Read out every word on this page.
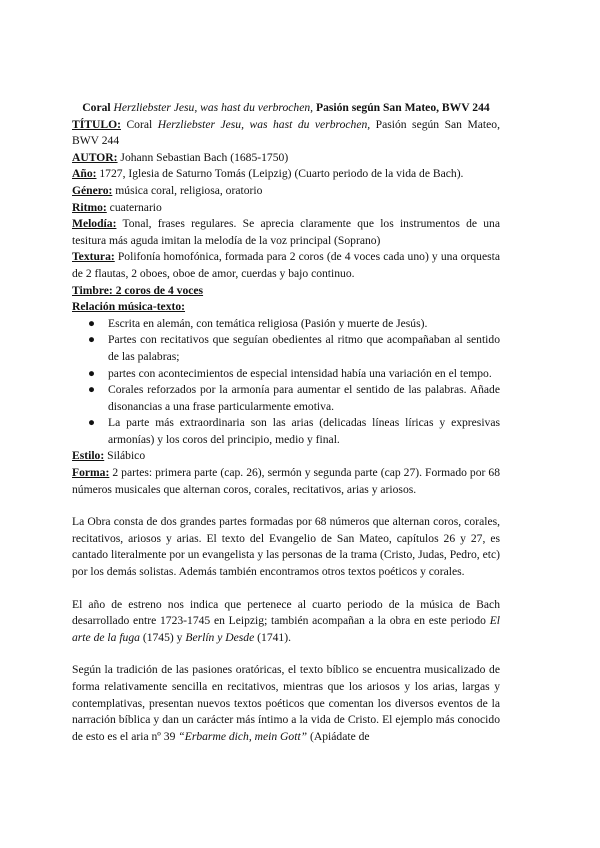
Coral Herzliebster Jesu, was hast du verbrochen, Pasión según San Mateo, BWV 244

TÍTULO: Coral Herzliebster Jesu, was hast du verbrochen, Pasión según San Mateo, BWV 244

AUTOR: Johann Sebastian Bach (1685-1750)

Año: 1727, Iglesia de Saturno Tomás (Leipzig) (Cuarto periodo de la vida de Bach).

Género: música coral, religiosa, oratorio

Ritmo: cuaternario

Melodía: Tonal, frases regulares. Se aprecia claramente que los instrumentos de una tesitura más aguda imitan la melodía de la voz principal (Soprano)

Textura: Polifonía homofónica, formada para 2 coros (de 4 voces cada uno) y una orquesta de 2 flautas, 2 oboes, oboe de amor, cuerdas y bajo continuo.

Timbre: 2 coros de 4 voces

Relación música-texto:

● Escrita en alemán, con temática religiosa (Pasión y muerte de Jesús).
● Partes con recitativos que seguían obedientes al ritmo que acompañaban al sentido de las palabras;
● partes con acontecimientos de especial intensidad había una variación en el tempo.
● Corales reforzados por la armonía para aumentar el sentido de las palabras. Añade disonancias a una frase particularmente emotiva.
● La parte más extraordinaria son las arias (delicadas líneas líricas y expresivas armonías) y los coros del principio, medio y final.

Estilo: Silábico

Forma: 2 partes: primera parte (cap. 26), sermón y segunda parte (cap 27). Formado por 68 números musicales que alternan coros, corales, recitativos, arias y ariosos.

La Obra consta de dos grandes partes formadas por 68 números que alternan coros, corales, recitativos, ariosos y arias. El texto del Evangelio de San Mateo, capítulos 26 y 27, es cantado literalmente por un evangelista y las personas de la trama (Cristo, Judas, Pedro, etc) por los demás solistas. Además también encontramos otros textos poéticos y corales.

El año de estreno nos indica que pertenece al cuarto periodo de la música de Bach desarrollado entre 1723-1745 en Leipzig; también acompañan a la obra en este periodo El arte de la fuga (1745) y Berlín y Desde (1741).

Según la tradición de las pasiones oratóricas, el texto bíblico se encuentra musicalizado de forma relativamente sencilla en recitativos, mientras que los ariosos y los arias, largas y contemplativas, presentan nuevos textos poéticos que comentan los diversos eventos de la narración bíblica y dan un carácter más íntimo a la vida de Cristo. El ejemplo más conocido de esto es el aria nº 39 “Erbarme dich, mein Gott” (Apiádate de
